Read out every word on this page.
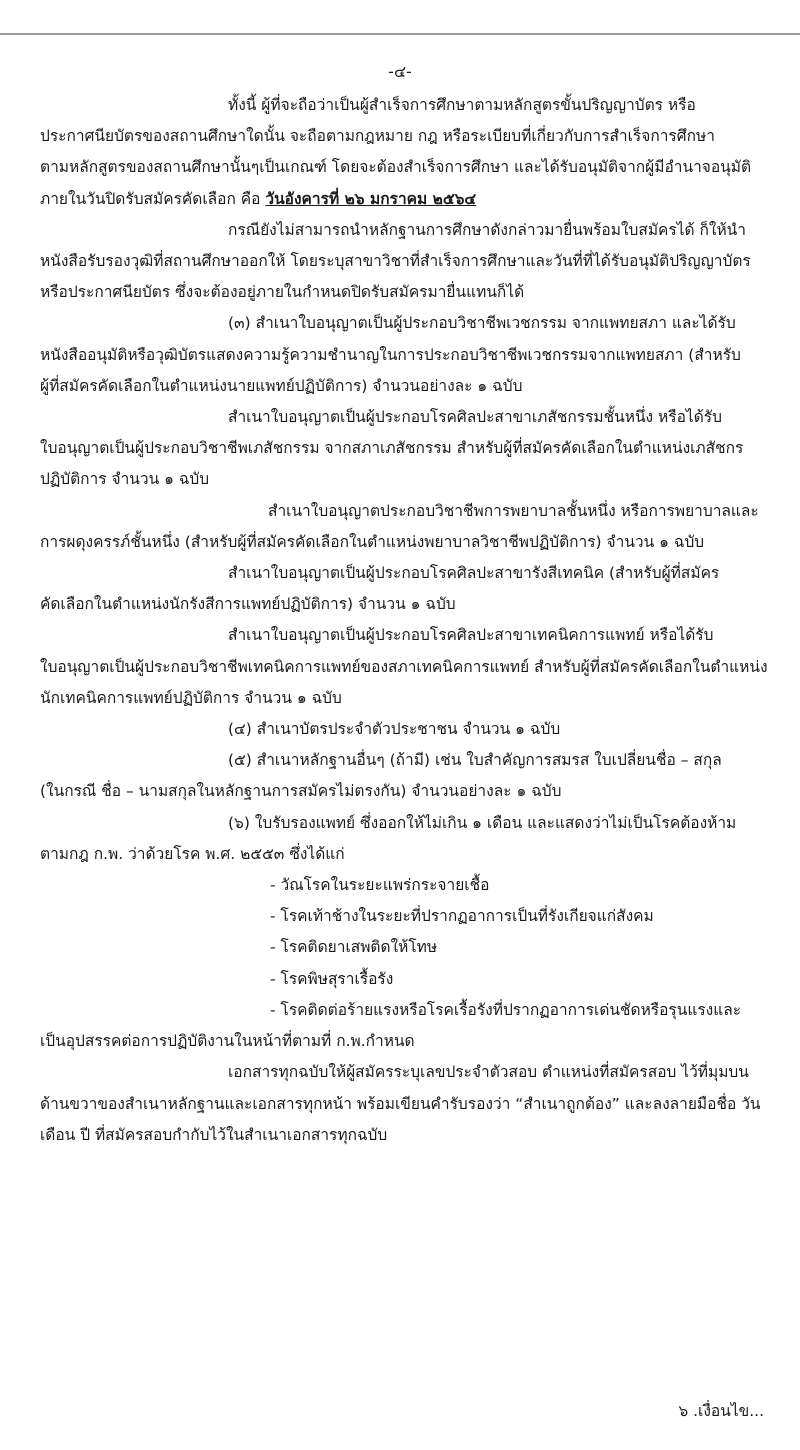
-๔-

ทั้งนี้ ผู้ที่จะถือว่าเป็นผู้สำเร็จการศึกษาตามหลักสูตรขั้นปริญญาบัตร หรือ

ประกาศนียบัตรของสถานศึกษาใดนั้น จะถือตามกฎหมาย กฎ หรือระเบียบที่เกี่ยวกับการสำเร็จการศึกษา

ตามหลักสูตรของสถานศึกษานั้นๆเป็นเกณฑ์ โดยจะต้องสำเร็จการศึกษา และได้รับอนุมัติจากผู้มีอำนาจอนุมัติ

ภายในวันปิดรับสมัครคัดเลือก คือ วันอังคารที่ ๒๖ มกราคม ๒๕๖๔

กรณียังไม่สามารถนำหลักฐานการศึกษาดังกล่าวมายื่นพร้อมใบสมัครได้ ก็ให้นำ

หนังสือรับรองวุฒิที่สถานศึกษาออกให้ โดยระบุสาขาวิชาที่สำเร็จการศึกษาและวันที่ที่ได้รับอนุมัติปริญญาบัตร

หรือประกาศนียบัตร ซึ่งจะต้องอยู่ภายในกำหนดปิดรับสมัครมายื่นแทนก็ได้

(๓) สำเนาใบอนุญาตเป็นผู้ประกอบวิชาชีพเวชกรรม จากแพทยสภา และได้รับ

หนังสืออนุมัติหรือวุฒิบัตรแสดงความรู้ความชำนาญในการประกอบวิชาชีพเวชกรรมจากแพทยสภา (สำหรับ

ผู้ที่สมัครคัดเลือกในตำแหน่งนายแพทย์ปฏิบัติการ) จำนวนอย่างละ ๑ ฉบับ

สำเนาใบอนุญาตเป็นผู้ประกอบโรคศิลปะสาขาเภสัชกรรมชั้นหนึ่ง หรือได้รับ

ใบอนุญาตเป็นผู้ประกอบวิชาชีพเภสัชกรรม จากสภาเภสัชกรรม สำหรับผู้ที่สมัครคัดเลือกในตำแหน่งเภสัชกร

ปฏิบัติการ จำนวน ๑ ฉบับ

สำเนาใบอนุญาตประกอบวิชาชีพการพยาบาลชั้นหนึ่ง หรือการพยาบาลและ

การผดุงครรภ์ชั้นหนึ่ง (สำหรับผู้ที่สมัครคัดเลือกในตำแหน่งพยาบาลวิชาชีพปฏิบัติการ) จำนวน ๑ ฉบับ

สำเนาใบอนุญาตเป็นผู้ประกอบโรคศิลปะสาขารังสีเทคนิค (สำหรับผู้ที่สมัคร

คัดเลือกในตำแหน่งนักรังสีการแพทย์ปฏิบัติการ) จำนวน ๑ ฉบับ

สำเนาใบอนุญาตเป็นผู้ประกอบโรคศิลปะสาขาเทคนิคการแพทย์ หรือได้รับ

ใบอนุญาตเป็นผู้ประกอบวิชาชีพเทคนิคการแพทย์ของสภาเทคนิคการแพทย์ สำหรับผู้ที่สมัครคัดเลือกในตำแหน่ง

นักเทคนิคการแพทย์ปฏิบัติการ จำนวน ๑ ฉบับ

(๔) สำเนาบัตรประจำตัวประชาชน จำนวน ๑ ฉบับ

(๕) สำเนาหลักฐานอื่นๆ (ถ้ามี) เช่น ใบสำคัญการสมรส ใบเปลี่ยนชื่อ – สกุล

(ในกรณี ชื่อ – นามสกุลในหลักฐานการสมัครไม่ตรงกัน) จำนวนอย่างละ ๑ ฉบับ

(๖) ใบรับรองแพทย์ ซึ่งออกให้ไม่เกิน ๑ เดือน และแสดงว่าไม่เป็นโรคต้องห้าม

ตามกฎ ก.พ. ว่าด้วยโรค พ.ศ. ๒๕๕๓ ซึ่งได้แก่

- วัณโรคในระยะแพร่กระจายเชื้อ

- โรคเท้าช้างในระยะที่ปรากฏอาการเป็นที่รังเกียจแก่สังคม

- โรคติดยาเสพติดให้โทษ

- โรคพิษสุราเรื้อรัง

- โรคติดต่อร้ายแรงหรือโรคเรื้อรังที่ปรากฏอาการเด่นชัดหรือรุนแรงและ

เป็นอุปสรรคต่อการปฏิบัติงานในหน้าที่ตามที่ ก.พ.กำหนด

เอกสารทุกฉบับให้ผู้สมัครระบุเลขประจำตัวสอบ ตำแหน่งที่สมัครสอบ ไว้ที่มุมบน

ด้านขวาของสำเนาหลักฐานและเอกสารทุกหน้า พร้อมเขียนคำรับรองว่า “สำเนาถูกต้อง” และลงลายมือชื่อ วัน

เดือน ปี ที่สมัครสอบกำกับไว้ในสำเนาเอกสารทุกฉบับ

๖ .เงื่อนไข...
